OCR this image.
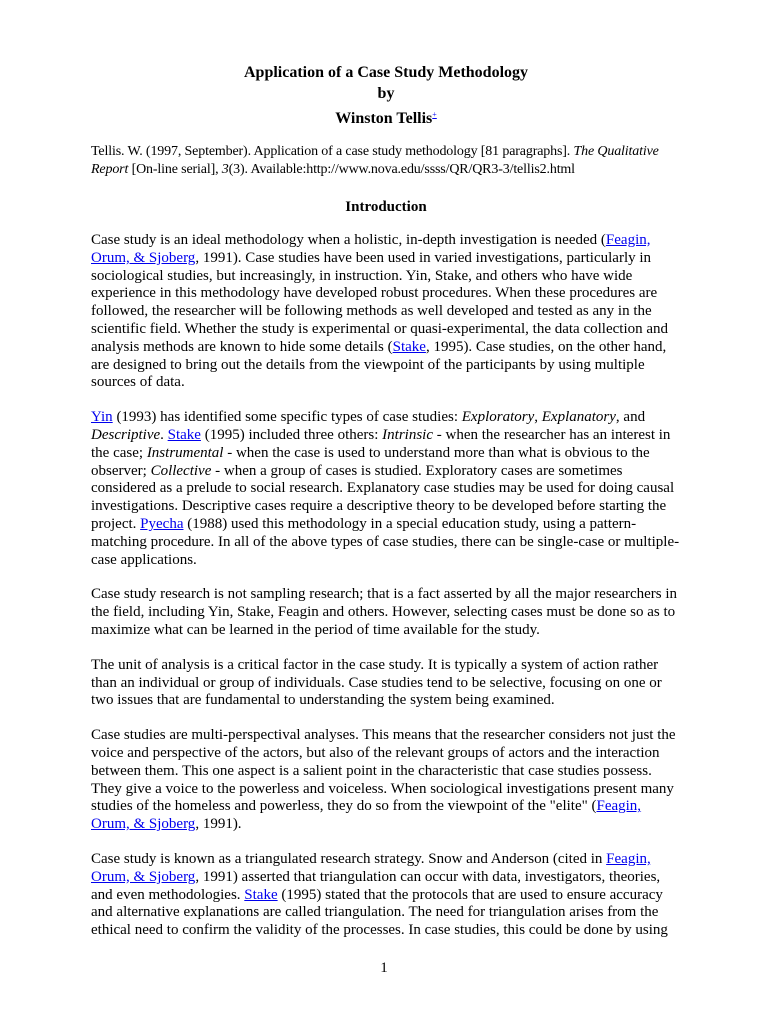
Application of a Case Study Methodology
by
Winston Tellis+

Tellis. W. (1997, September). Application of a case study methodology [81 paragraphs]. The Qualitative Report [On-line serial], 3(3). Available:http://www.nova.edu/ssss/QR/QR3-3/tellis2.html

Introduction

Case study is an ideal methodology when a holistic, in-depth investigation is needed (Feagin, Orum, & Sjoberg, 1991). Case studies have been used in varied investigations, particularly in sociological studies, but increasingly, in instruction. Yin, Stake, and others who have wide experience in this methodology have developed robust procedures. When these procedures are followed, the researcher will be following methods as well developed and tested as any in the scientific field. Whether the study is experimental or quasi-experimental, the data collection and analysis methods are known to hide some details (Stake, 1995). Case studies, on the other hand, are designed to bring out the details from the viewpoint of the participants by using multiple sources of data.

Yin (1993) has identified some specific types of case studies: Exploratory, Explanatory, and Descriptive. Stake (1995) included three others: Intrinsic - when the researcher has an interest in the case; Instrumental - when the case is used to understand more than what is obvious to the observer; Collective - when a group of cases is studied. Exploratory cases are sometimes considered as a prelude to social research. Explanatory case studies may be used for doing causal investigations. Descriptive cases require a descriptive theory to be developed before starting the project. Pyecha (1988) used this methodology in a special education study, using a pattern-matching procedure. In all of the above types of case studies, there can be single-case or multiple-case applications.

Case study research is not sampling research; that is a fact asserted by all the major researchers in the field, including Yin, Stake, Feagin and others. However, selecting cases must be done so as to maximize what can be learned in the period of time available for the study.

The unit of analysis is a critical factor in the case study. It is typically a system of action rather than an individual or group of individuals. Case studies tend to be selective, focusing on one or two issues that are fundamental to understanding the system being examined.

Case studies are multi-perspectival analyses. This means that the researcher considers not just the voice and perspective of the actors, but also of the relevant groups of actors and the interaction between them. This one aspect is a salient point in the characteristic that case studies possess. They give a voice to the powerless and voiceless. When sociological investigations present many studies of the homeless and powerless, they do so from the viewpoint of the "elite" (Feagin, Orum, & Sjoberg, 1991).

Case study is known as a triangulated research strategy. Snow and Anderson (cited in Feagin, Orum, & Sjoberg, 1991) asserted that triangulation can occur with data, investigators, theories, and even methodologies. Stake (1995) stated that the protocols that are used to ensure accuracy and alternative explanations are called triangulation. The need for triangulation arises from the ethical need to confirm the validity of the processes. In case studies, this could be done by using

1
